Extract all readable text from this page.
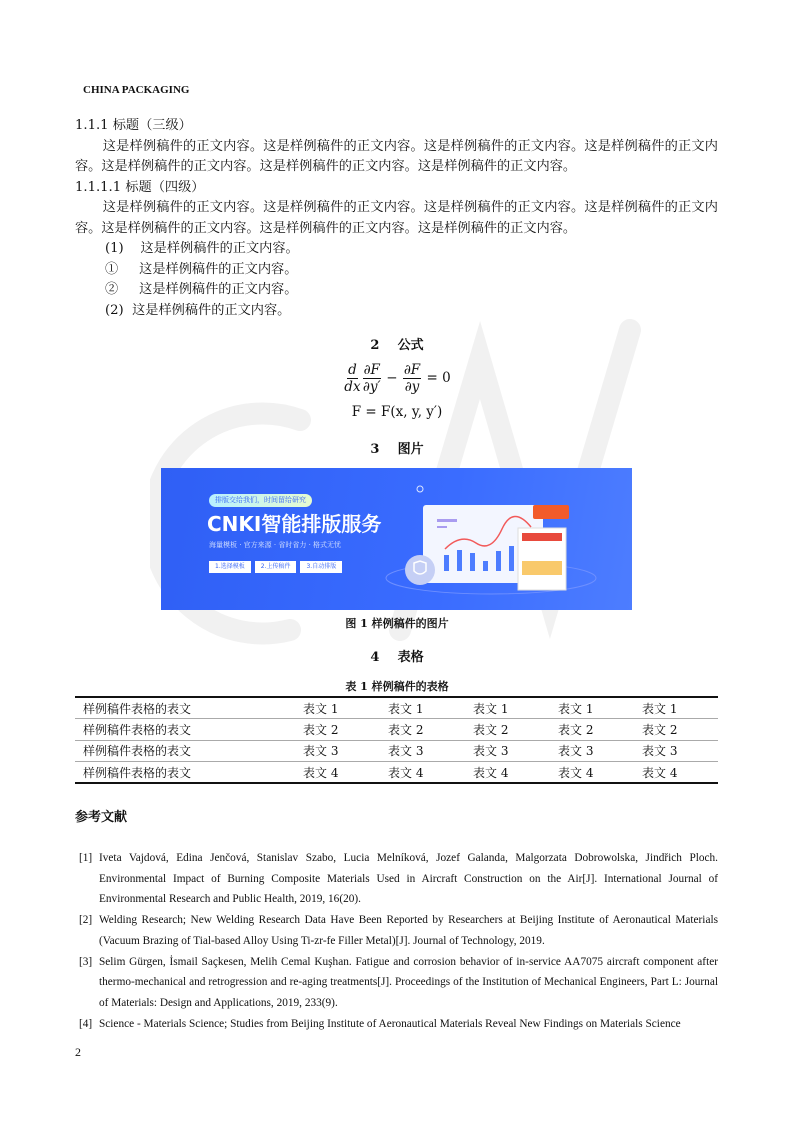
CHINA PACKAGING
1.1.1 标题（三级）
这是样例稿件的正文内容。这是样例稿件的正文内容。这是样例稿件的正文内容。这是样例稿件的正文内容。这是样例稿件的正文内容。这是样例稿件的正文内容。这是样例稿件的正文内容。
1.1.1.1 标题（四级）
这是样例稿件的正文内容。这是样例稿件的正文内容。这是样例稿件的正文内容。这是样例稿件的正文内容。这是样例稿件的正文内容。这是样例稿件的正文内容。这是样例稿件的正文内容。
(1)    这是样例稿件的正文内容。
①     这是样例稿件的正文内容。
②     这是样例稿件的正文内容。
(2)  这是样例稿件的正文内容。
2    公式
$\frac{d}{dx} \frac{\partial F}{\partial y'} - \frac{\partial F}{\partial y} = 0$
F = F(x, y, y′)
3    图片
排版交给我们，时间留给研究
CNKI智能排版服务
海量模板 · 官方来源 · 省时省力 · 格式无忧
1.选择模板	2.上传稿件	3.自动排版
图 1 样例稿件的图片
4    表格
表 1 样例稿件的表格
样例稿件表格的表文	表文 1	表文 1	表文 1	表文 1	表文 1
样例稿件表格的表文	表文 2	表文 2	表文 2	表文 2	表文 2
样例稿件表格的表文	表文 3	表文 3	表文 3	表文 3	表文 3
样例稿件表格的表文	表文 4	表文 4	表文 4	表文 4	表文 4
参考文献
[1] Iveta Vajdová, Edina Jenčová, Stanislav Szabo, Lucia Melníková, Jozef Galanda, Malgorzata Dobrowolska, Jindřich Ploch. Environmental Impact of Burning Composite Materials Used in Aircraft Construction on the Air[J]. International Journal of Environmental Research and Public Health, 2019, 16(20).
[2] Welding Research; New Welding Research Data Have Been Reported by Researchers at Beijing Institute of Aeronautical Materials (Vacuum Brazing of Tial-based Alloy Using Ti-zr-fe Filler Metal)[J]. Journal of Technology, 2019.
[3] Selim Gürgen, İsmail Saçkesen, Melih Cemal Kuşhan. Fatigue and corrosion behavior of in-service AA7075 aircraft component after thermo-mechanical and retrogression and re-aging treatments[J]. Proceedings of the Institution of Mechanical Engineers, Part L: Journal of Materials: Design and Applications, 2019, 233(9).
[4] Science - Materials Science; Studies from Beijing Institute of Aeronautical Materials Reveal New Findings on Materials Science
2
